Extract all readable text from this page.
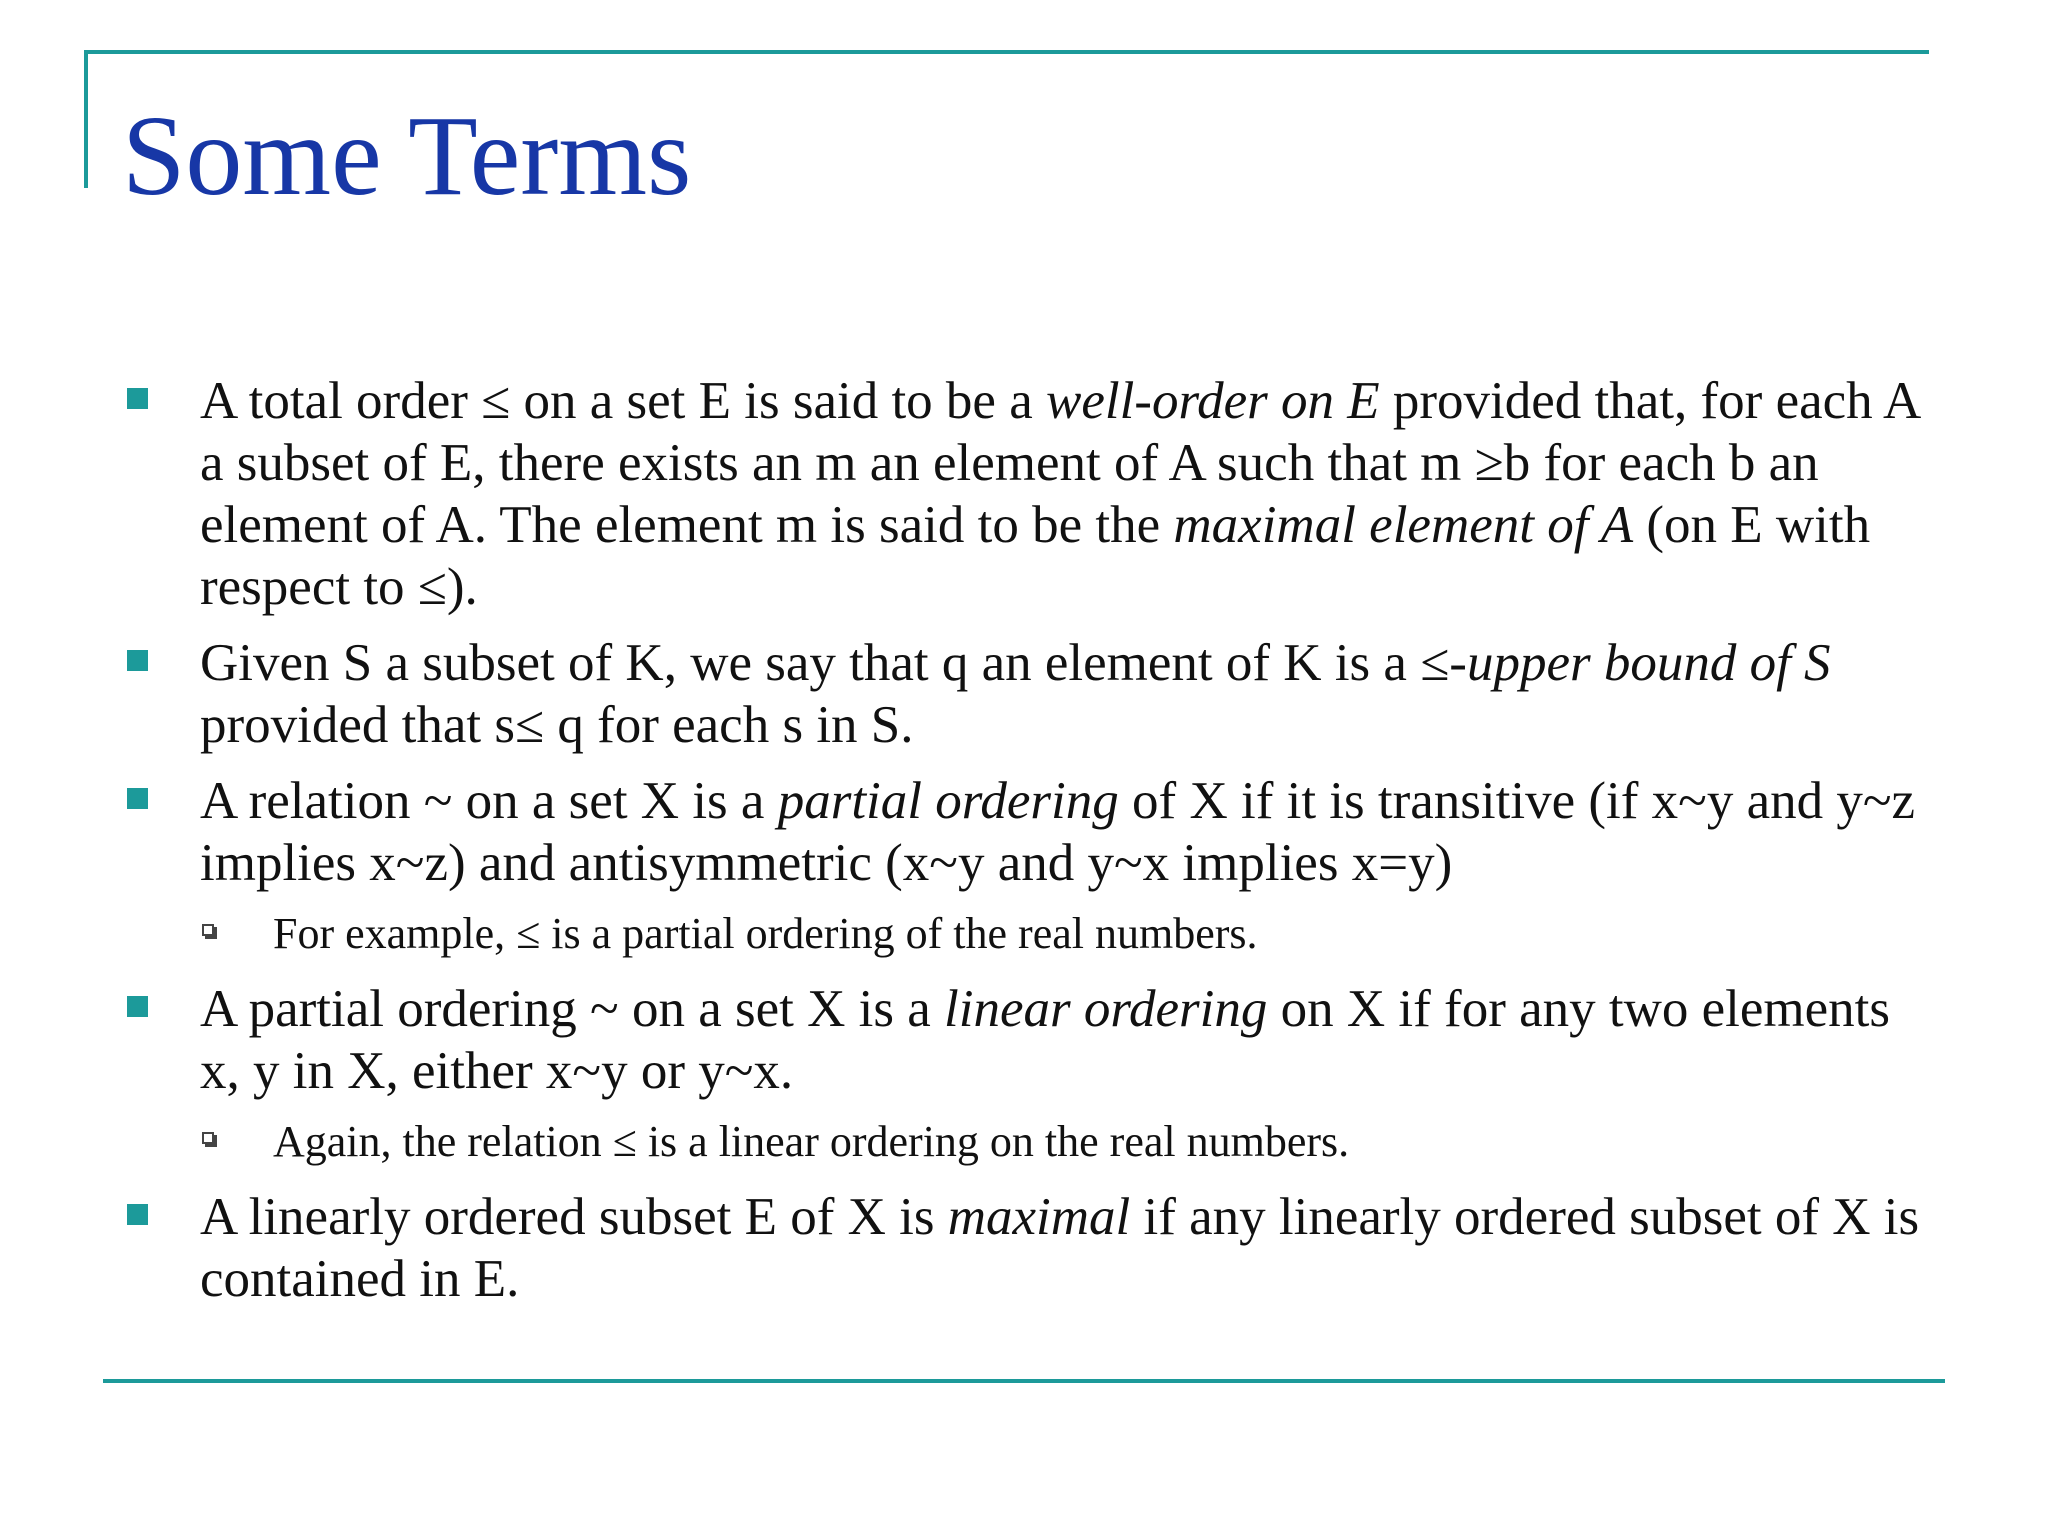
Some Terms
A total order ≤ on a set E is said to be a well-order on E provided that, for each A a subset of E, there exists an m an element of A such that m ≥b for each b an element of A. The element m is said to be the maximal element of A (on E with respect to ≤).
Given S a subset of K, we say that q an element of K is a ≤-upper bound of S provided that s≤ q for each s in S.
A relation ~ on a set X is a partial ordering of X if it is transitive (if x~y and y~z implies x~z) and antisymmetric (x~y and y~x implies x=y)
For example, ≤ is a partial ordering of the real numbers.
A partial ordering ~ on a set X is a linear ordering on X if for any two elements x, y in X, either x~y or y~x.
Again, the relation ≤ is a linear ordering on the real numbers.
A linearly ordered subset E of X is maximal if any linearly ordered subset of X is contained in E.
